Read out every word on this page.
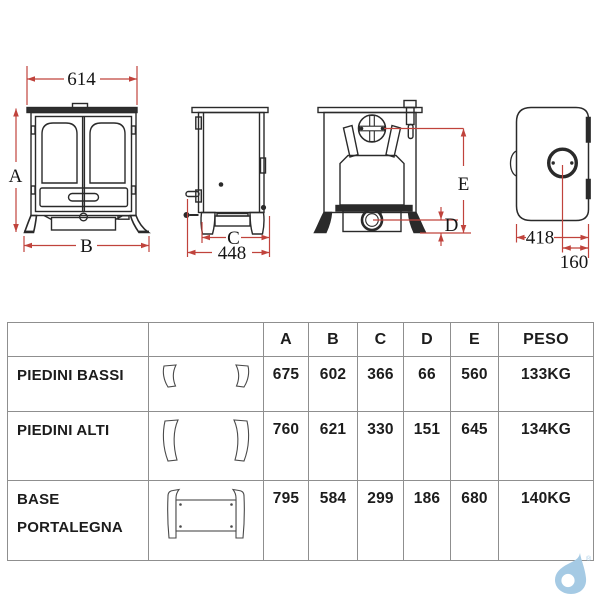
614
A
B	C
448
E
D
418
160
		A	B	C	D	E	PESO
PIEDINI BASSI		675	602	366	66	560	133KG
PIEDINI ALTI		760	621	330	151	645	134KG

BASE
PORTALEGNA		795	584	299	186	680	140KG
®
